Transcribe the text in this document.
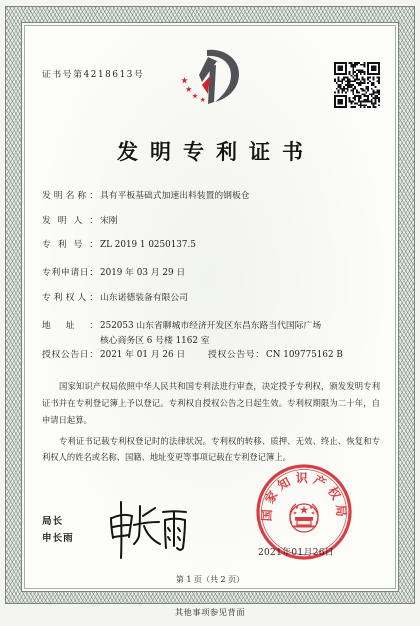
证书号第4218613号
发明专利证书
发明名称： 具有平板基础式加速出料装置的钢板仓
发明人： 宋刚
专利号： ZL 2019 1 0250137.5
专利申请日： 2019 年 03 月 29 日
专利权人： 山东诺德装备有限公司
地址： 252053 山东省聊城市经济开发区东昌东路当代国际广场
核心商务区 6 号楼 1162 室
授权公告日： 2021 年 01 月 26 日	授权公告号： CN 109775162 B
国家知识产权局依照中华人民共和国专利法进行审查，决定授予专利权，颁发发明专利
证书并在专利登记簿上予以登记。专利权自授权公告之日起生效。专利权期限为二十年，自
申请日起算。
专利证书记载专利权登记时的法律状况。专利权的转移、质押、无效、终止、恢复和专
利权人的姓名或名称、国籍、地址变更等事项记载在专利登记簿上。
局长
申长雨
2021年01月26日
国家知识产权局
第 1 页（共 2 页）
其他事项参见背面
